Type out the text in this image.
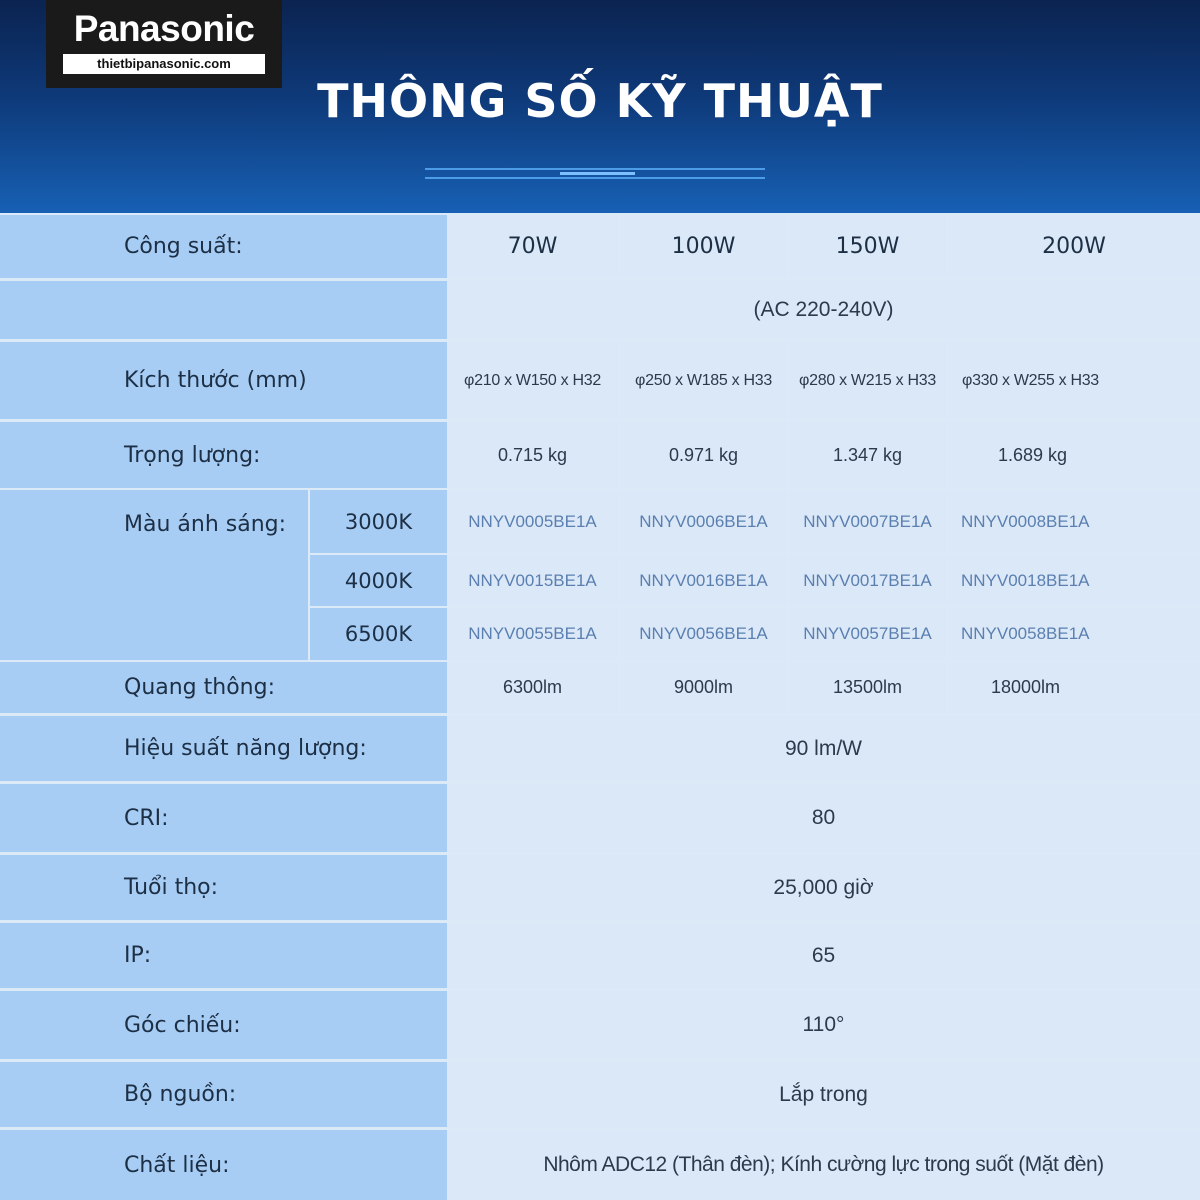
Panasonic
thietbipanasonic.com
THÔNG SỐ KỸ THUẬT
Công suất:	70W	100W	150W	200W
(AC 220-240V)
Kích thước (mm)	φ210 x W150 x H32	φ250 x W185 x H33	φ280 x W215 x H33	φ330 x W255 x H33
Trọng lượng:	0.715 kg	0.971 kg	1.347 kg	1.689 kg
Màu ánh sáng:	3000K	NNYV0005BE1A	NNYV0006BE1A	NNYV0007BE1A	NNYV0008BE1A
4000K	NNYV0015BE1A	NNYV0016BE1A	NNYV0017BE1A	NNYV0018BE1A
6500K	NNYV0055BE1A	NNYV0056BE1A	NNYV0057BE1A	NNYV0058BE1A
Quang thông:	6300lm	9000lm	13500lm	18000lm
Hiệu suất năng lượng:	90 lm/W
CRI:	80
Tuổi thọ:	25,000 giờ
IP:	65
Góc chiếu:	110°
Bộ nguồn:	Lắp trong
Chất liệu:	Nhôm ADC12 (Thân đèn); Kính cường lực trong suốt (Mặt đèn)
